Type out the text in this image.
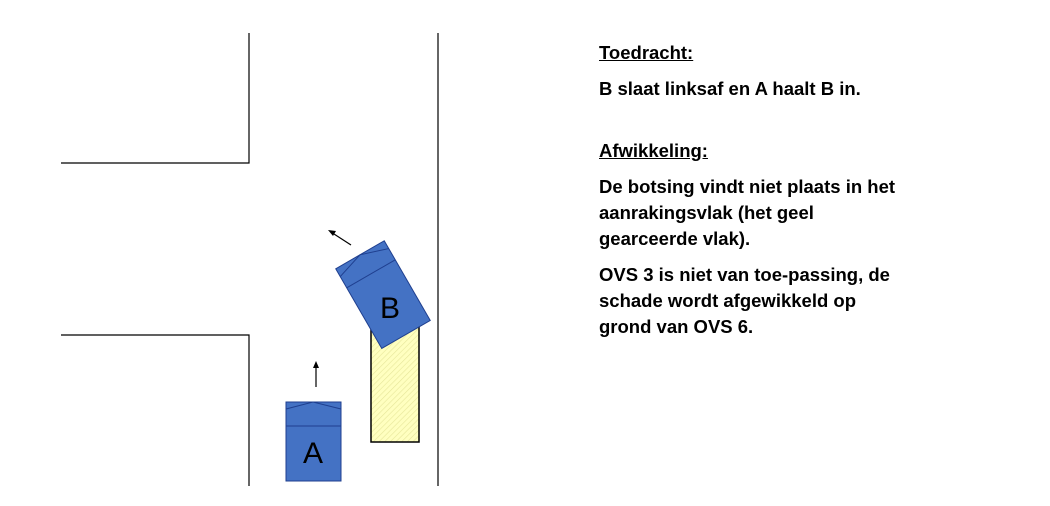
A
B

Toedracht:

B slaat linksaf en A haalt B in.

Afwikkeling:

De botsing vindt niet plaats in het aanrakingsvlak (het geel gearceerde vlak).

OVS 3 is niet van toe-passing, de schade wordt afgewikkeld op grond van OVS 6.
